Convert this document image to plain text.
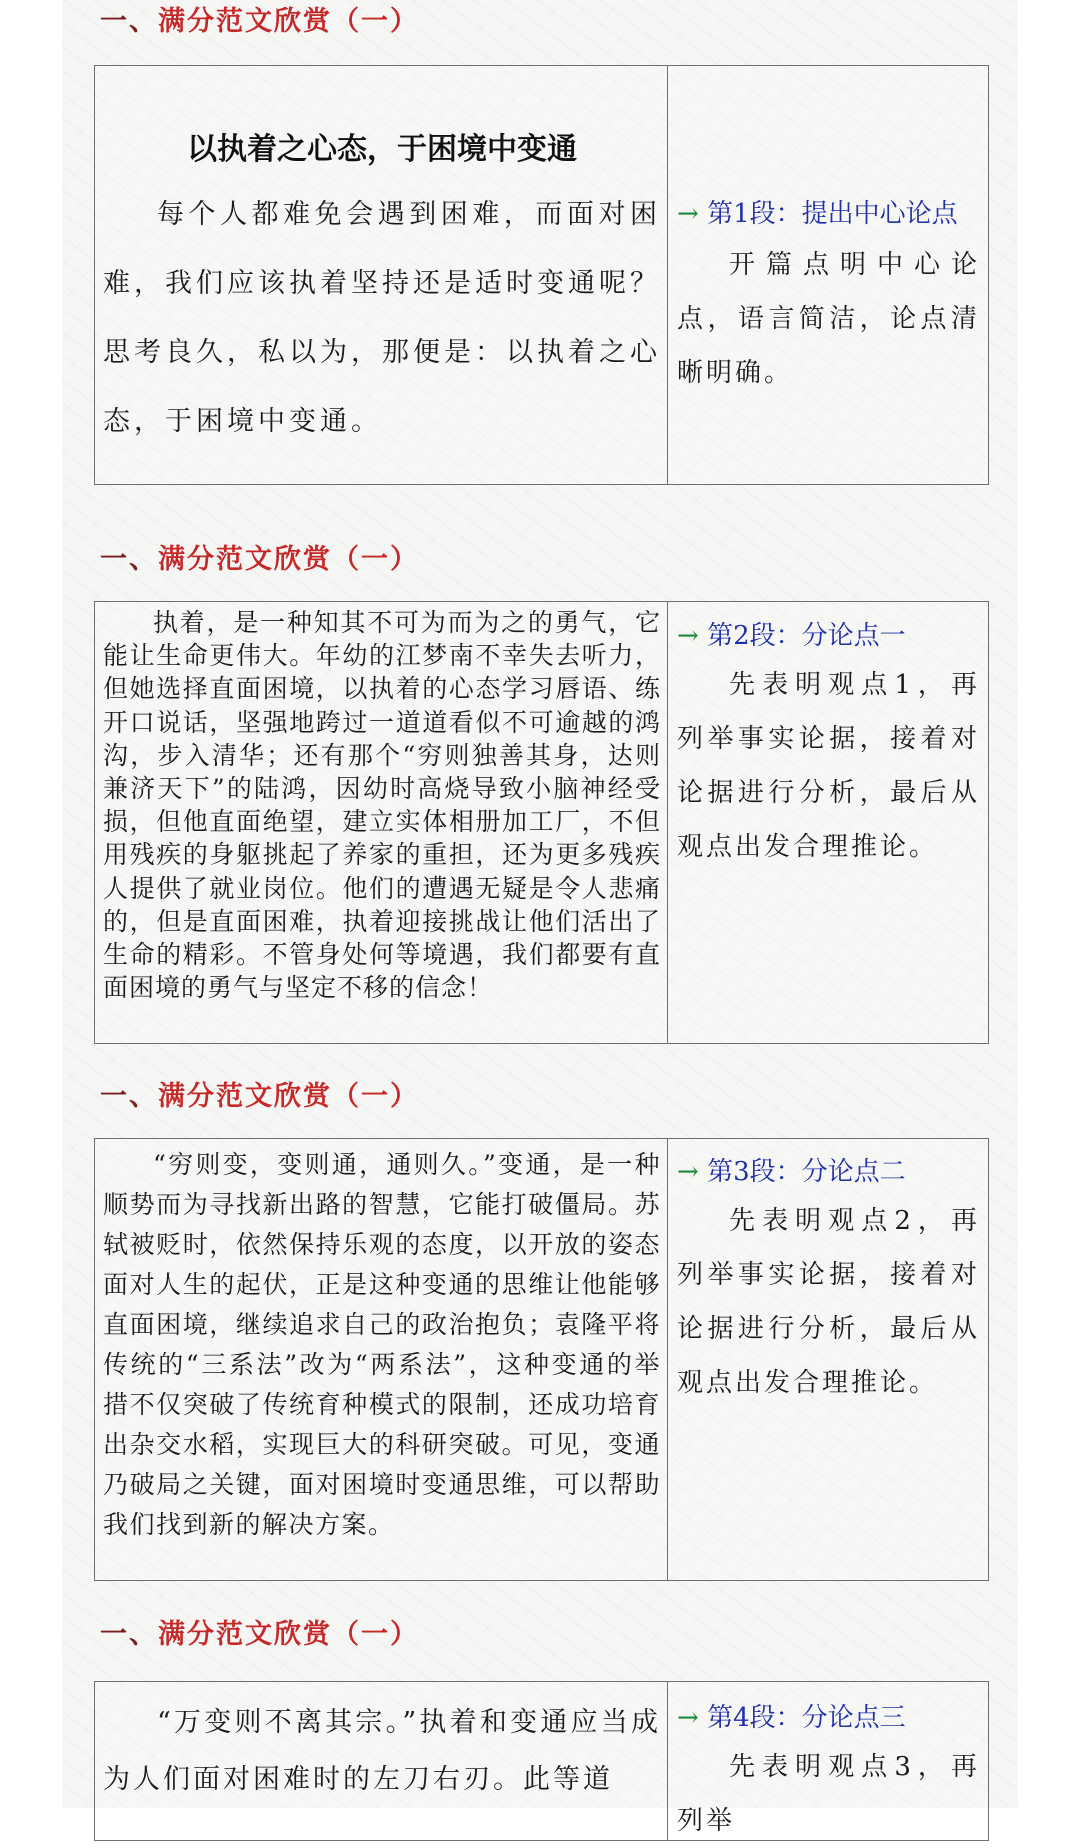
一、满分范文欣赏（一）
以执着之心态，于困境中变通
每个人都难免会遇到困难，而面对困难，我们应该执着坚持还是适时变通呢？思考良久，私以为，那便是：以执着之心态，于困境中变通。
→ 第1段：提出中心论点
开篇点明中心论点，语言简洁，论点清晰明确。
一、满分范文欣赏（一）
执着，是一种知其不可为而为之的勇气，它能让生命更伟大。年幼的江梦南不幸失去听力，但她选择直面困境，以执着的心态学习唇语、练开口说话，坚强地跨过一道道看似不可逾越的鸿沟，步入清华；还有那个“穷则独善其身，达则兼济天下”的陆鸿，因幼时高烧导致小脑神经受损，但他直面绝望，建立实体相册加工厂，不但用残疾的身躯挑起了养家的重担，还为更多残疾人提供了就业岗位。他们的遭遇无疑是令人悲痛的，但是直面困难，执着迎接挑战让他们活出了生命的精彩。不管身处何等境遇，我们都要有直面困境的勇气与坚定不移的信念！
→ 第2段：分论点一
先表明观点1，再列举事实论据，接着对论据进行分析，最后从观点出发合理推论。
一、满分范文欣赏（一）
“穷则变，变则通，通则久。”变通，是一种顺势而为寻找新出路的智慧，它能打破僵局。苏轼被贬时，依然保持乐观的态度，以开放的姿态面对人生的起伏，正是这种变通的思维让他能够直面困境，继续追求自己的政治抱负；袁隆平将传统的“三系法”改为“两系法”，这种变通的举措不仅突破了传统育种模式的限制，还成功培育出杂交水稻，实现巨大的科研突破。可见，变通乃破局之关键，面对困境时变通思维，可以帮助我们找到新的解决方案。
→ 第3段：分论点二
先表明观点2，再列举事实论据，接着对论据进行分析，最后从观点出发合理推论。
一、满分范文欣赏（一）
“万变则不离其宗。”执着和变通应当成为人们面对困难时的左刀右刃。此等道
→ 第4段：分论点三
先表明观点3，再列举
